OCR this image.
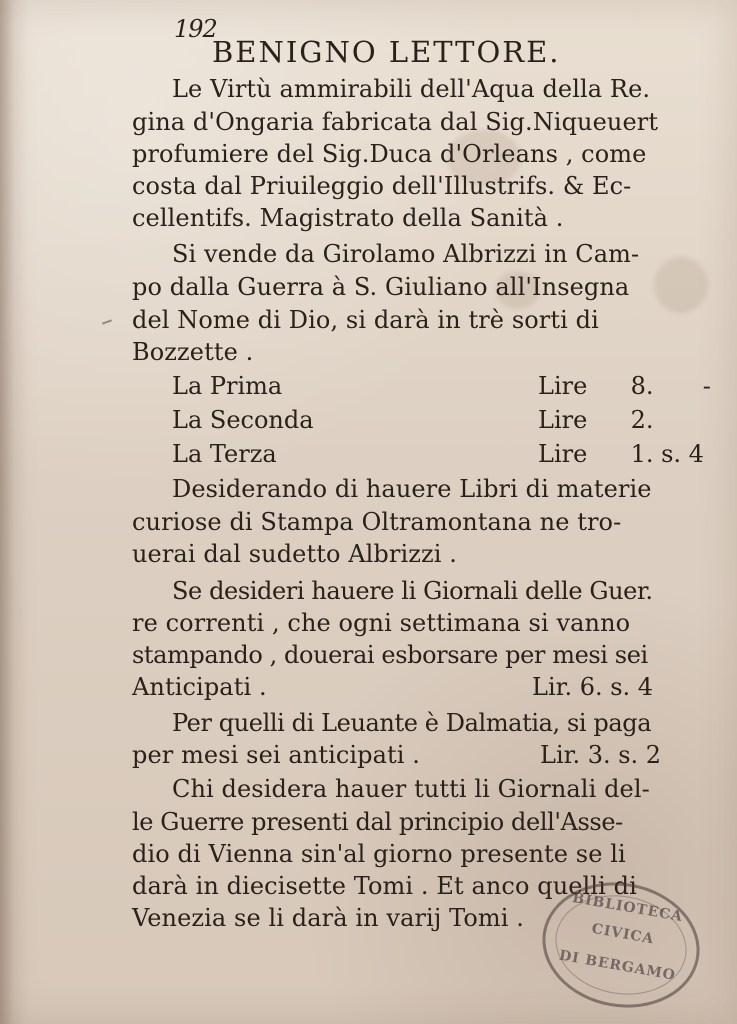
192
BENIGNO LETTORE.
Le Virtù ammirabili dell'Aqua della Re.
gina d'Ongaria fabricata dal Sig.Niqueuert
profumiere del Sig.Duca d'Orleans , come
costa dal Priuileggio dell'Illustrifs. & Ec-
cellentifs. Magistrato della Sanità .
Si vende da Girolamo Albrizzi in Cam-
po dalla Guerra à S. Giuliano all'Insegna
del Nome di Dio, si darà in trè sorti di
Bozzette .
La Prima	Lire 8. -
La Seconda	Lire 2.
La Terza	Lire 1. s. 4
Desiderando di hauere Libri di materie
curiose di Stampa Oltramontana ne tro-
uerai dal sudetto Albrizzi .
Se desideri hauere li Giornali delle Guer.
re correnti , che ogni settimana si vanno
stampando , douerai esborsare per mesi sei
Anticipati .	Lir. 6. s. 4
Per quelli di Leuante è Dalmatia, si paga
per mesi sei anticipati .	Lir. 3. s. 2
Chi desidera hauer tutti li Giornali del-
le Guerre presenti dal principio dell'Asse-
dio di Vienna sin'al giorno presente se li
darà in diecisette Tomi . Et anco quelli di
Venezia se li darà in varij Tomi .	BIBLIOTECA
CIVICA
DI BERGAMO
